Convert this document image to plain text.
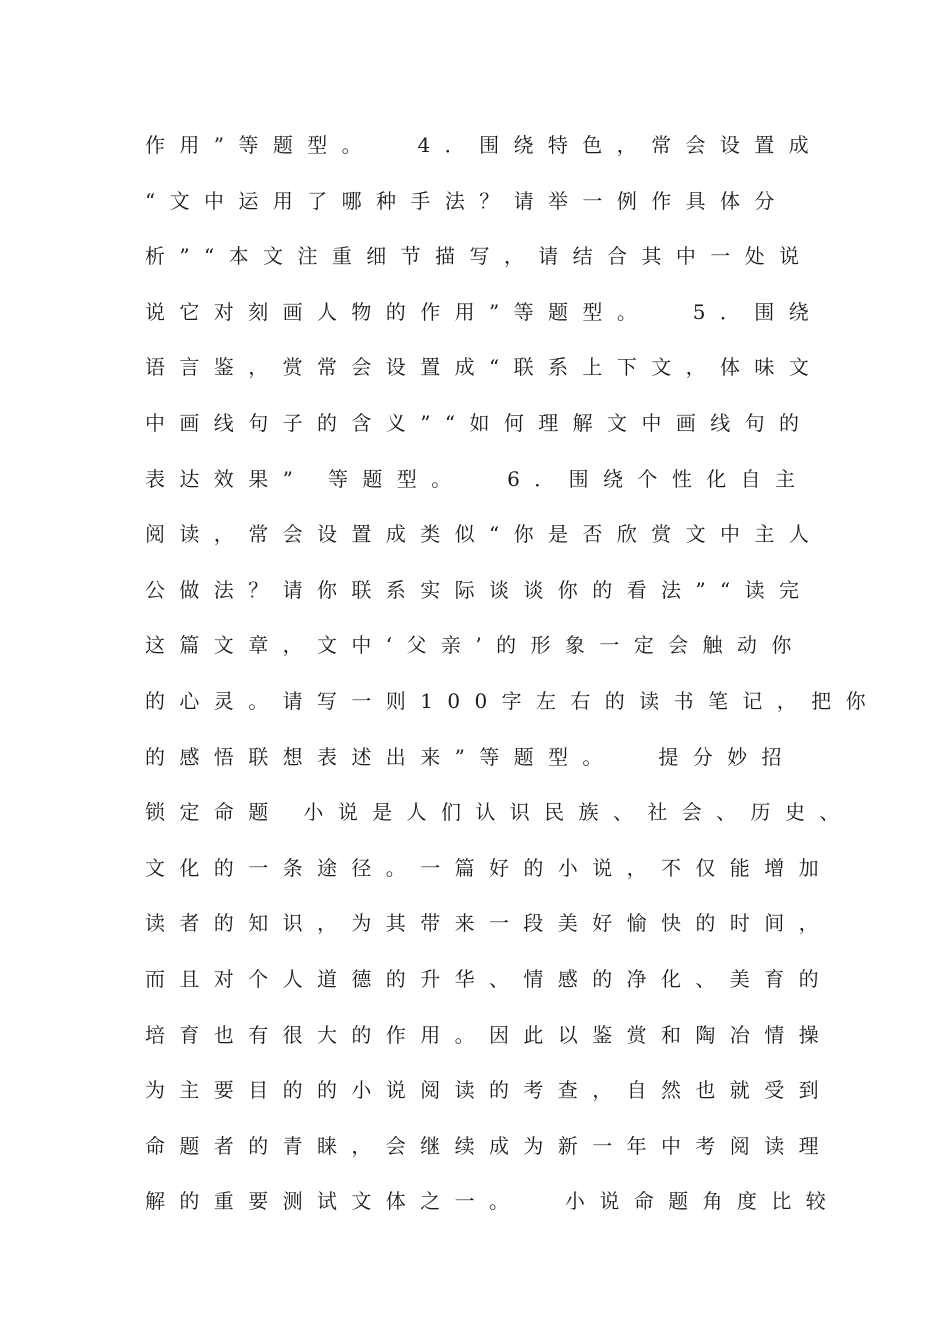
作用”等题型。  4．围绕特色，常会设置成
“文中运用了哪种手法？请举一例作具体分
析”“本文注重细节描写，请结合其中一处说
说它对刻画人物的作用”等题型。  5．围绕
语言鉴，赏常会设置成“联系上下文，体味文
中画线句子的含义”“如何理解文中画线句的
表达效果” 等题型。  6．围绕个性化自主
阅读，常会设置成类似“你是否欣赏文中主人
公做法？请你联系实际谈谈你的看法”“读完
这篇文章，文中‘父亲’的形象一定会触动你
的心灵。请写一则100字左右的读书笔记，把你
的感悟联想表述出来”等题型。  提分妙招
锁定命题 小说是人们认识民族、社会、历史、
文化的一条途径。一篇好的小说，不仅能增加
读者的知识，为其带来一段美好愉快的时间，
而且对个人道德的升华、情感的净化、美育的
培育也有很大的作用。因此以鉴赏和陶冶情操
为主要目的的小说阅读的考查，自然也就受到
命题者的青睐，会继续成为新一年中考阅读理
解的重要测试文体之一。  小说命题角度比较
